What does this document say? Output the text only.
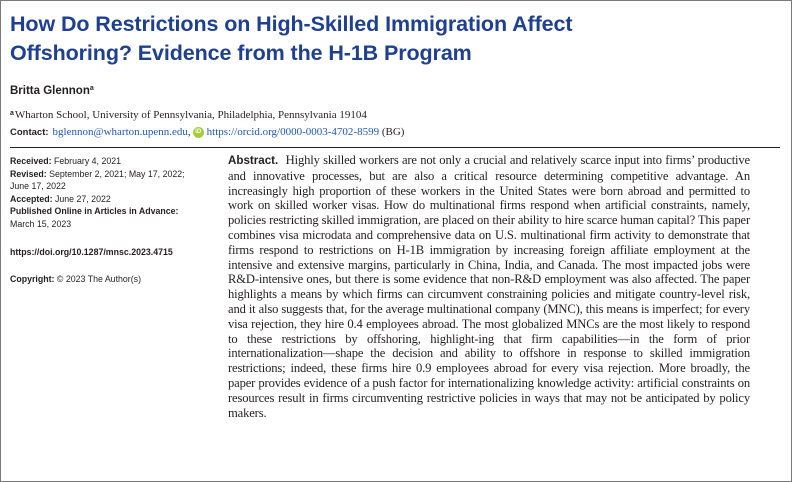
How Do Restrictions on High-Skilled Immigration Affect
Offshoring? Evidence from the H-1B Program
Britta Glennon$^a$
$^a$Wharton School, University of Pennsylvania, Philadelphia, Pennsylvania 19104
Contact: bglennon@wharton.upenn.edu , iD https://orcid.org/0000-0003-4702-8599
(BG)
Received: February 4, 2021
Revised: September 2, 2021; May 17, 2022;
June 17, 2022
Accepted: June 27, 2022
Published Online in Articles in Advance:
March 15, 2023
https://doi.org/10.1287/mnsc.2023.4715
Copyright: © 2023 The Author(s)

Abstract. Highly skilled workers are not only a crucial and relatively scarce input into firms’ productive and innovative processes, but are also a critical resource determining competitive advantage. An increasingly high proportion of these workers in the United States were born abroad and permitted to work on skilled worker visas. How do multinational firms respond when artificial constraints, namely, policies restricting skilled immigration, are placed on their ability to hire scarce human capital? This paper combines visa microdata and comprehensive data on U.S. multinational firm activity to demonstrate that firms respond to restrictions on H-1B immigration by increasing foreign affiliate employment at the intensive and extensive margins, particularly in China, India, and Canada. The most impacted jobs were R&D-intensive ones, but there is some evidence that non-R&D employment was also affected. The paper highlights a means by which firms can circumvent constraining policies and mitigate country-level risk, and it also suggests that, for the average multinational company (MNC), this means is imperfect; for every visa rejection, they hire 0.4 employees abroad. The most globalized MNCs are the most likely to respond to these restrictions by offshoring, highlight-ing that firm capabilities—in the form of prior internationalization—shape the decision and ability to offshore in response to skilled immigration restrictions; indeed, these firms hire 0.9 employees abroad for every visa rejection. More broadly, the paper provides evidence of a push factor for internationalizing knowledge activity: artificial constraints on resources result in firms circumventing restrictive policies in ways that may not be anticipated by policy makers.
